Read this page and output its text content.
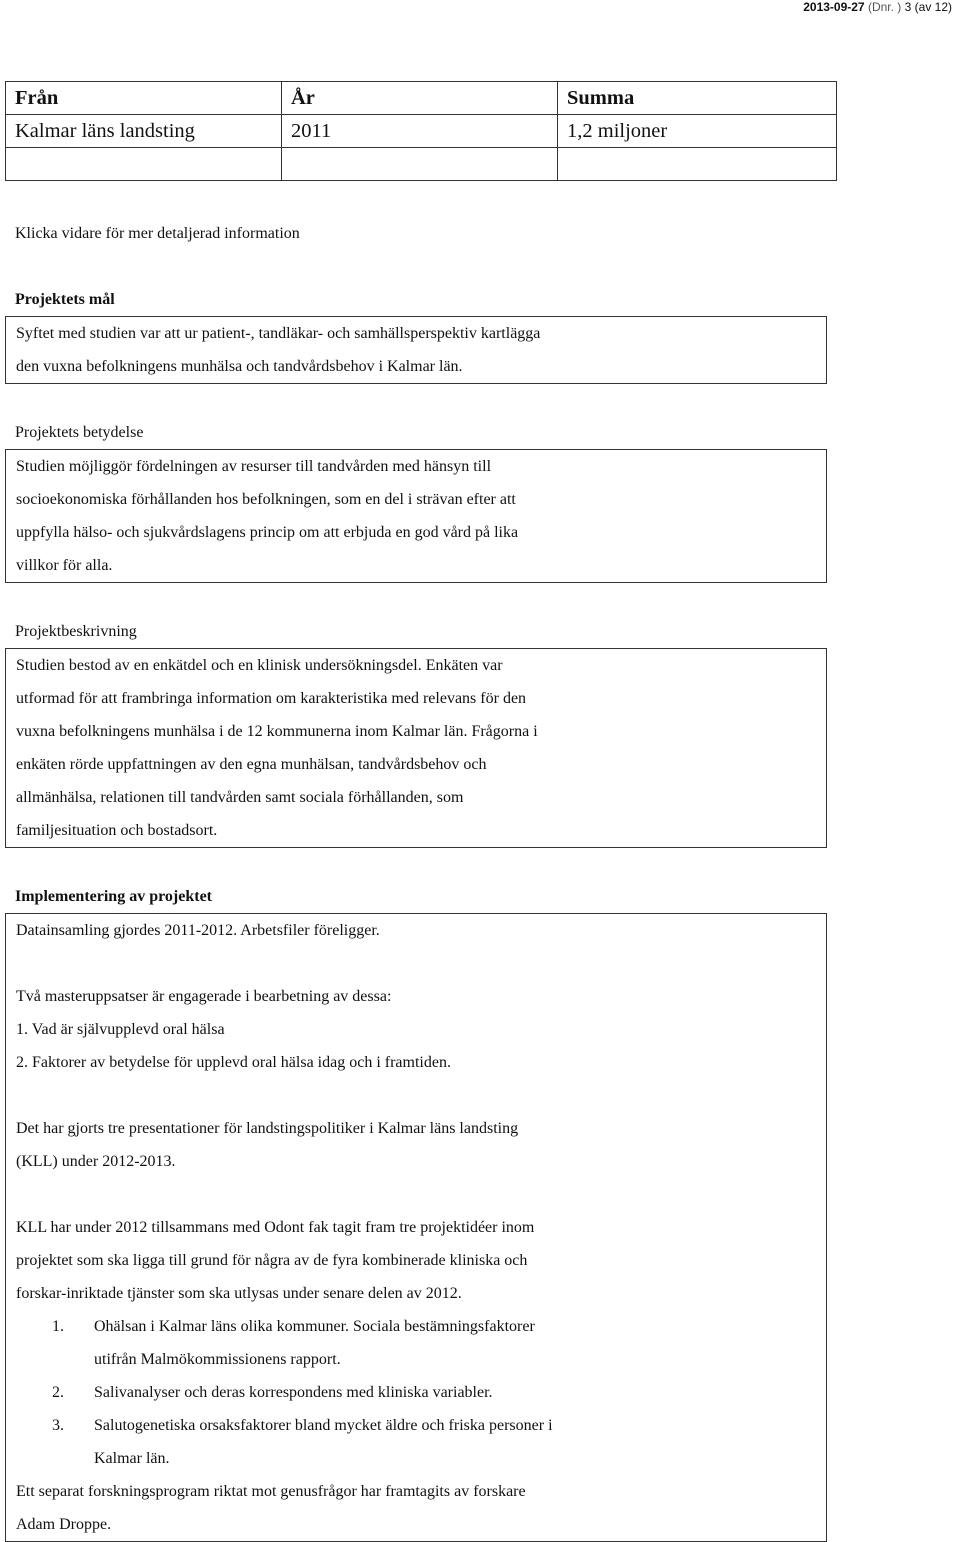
2013-09-27 (Dnr. ) 3 (av 12)
Från	År	Summa
Kalmar läns landsting	2011	1,2 miljoner

Klicka vidare för mer detaljerad information
Projektets mål

Syftet med studien var att ur patient-, tandläkar- och samhällsperspektiv kartlägga

den vuxna befolkningens munhälsa och tandvårdsbehov i Kalmar län.

Projektets betydelse

Studien möjliggör fördelningen av resurser till tandvården med hänsyn till

socioekonomiska förhållanden hos befolkningen, som en del i strävan efter att

uppfylla hälso- och sjukvårdslagens princip om att erbjuda en god vård på lika

villkor för alla.

Projektbeskrivning

Studien bestod av en enkätdel och en klinisk undersökningsdel. Enkäten var

utformad för att frambringa information om karakteristika med relevans för den

vuxna befolkningens munhälsa i de 12 kommunerna inom Kalmar län. Frågorna i

enkäten rörde uppfattningen av den egna munhälsan, tandvårdsbehov och

allmänhälsa, relationen till tandvården samt sociala förhållanden, som

familjesituation och bostadsort.

Implementering av projektet

Datainsamling gjordes 2011-2012. Arbetsfiler föreligger.

Två masteruppsatser är engagerade i bearbetning av dessa:

1. Vad är självupplevd oral hälsa

2. Faktorer av betydelse för upplevd oral hälsa idag och i framtiden.

Det har gjorts tre presentationer för landstingspolitiker i Kalmar läns landsting

(KLL) under 2012-2013.

KLL har under 2012 tillsammans med Odont fak tagit fram tre projektidéer inom

projektet som ska ligga till grund för några av de fyra kombinerade kliniska och

forskar-inriktade tjänster som ska utlysas under senare delen av 2012.

1. Ohälsan i Kalmar läns olika kommuner. Sociala bestämningsfaktorer
utifrån Malmökommissionens rapport.
2. Salivanalyser och deras korrespondens med kliniska variabler.
3. Salutogenetiska orsaksfaktorer bland mycket äldre och friska personer i
Kalmar län.

Ett separat forskningsprogram riktat mot genusfrågor har framtagits av forskare

Adam Droppe.
